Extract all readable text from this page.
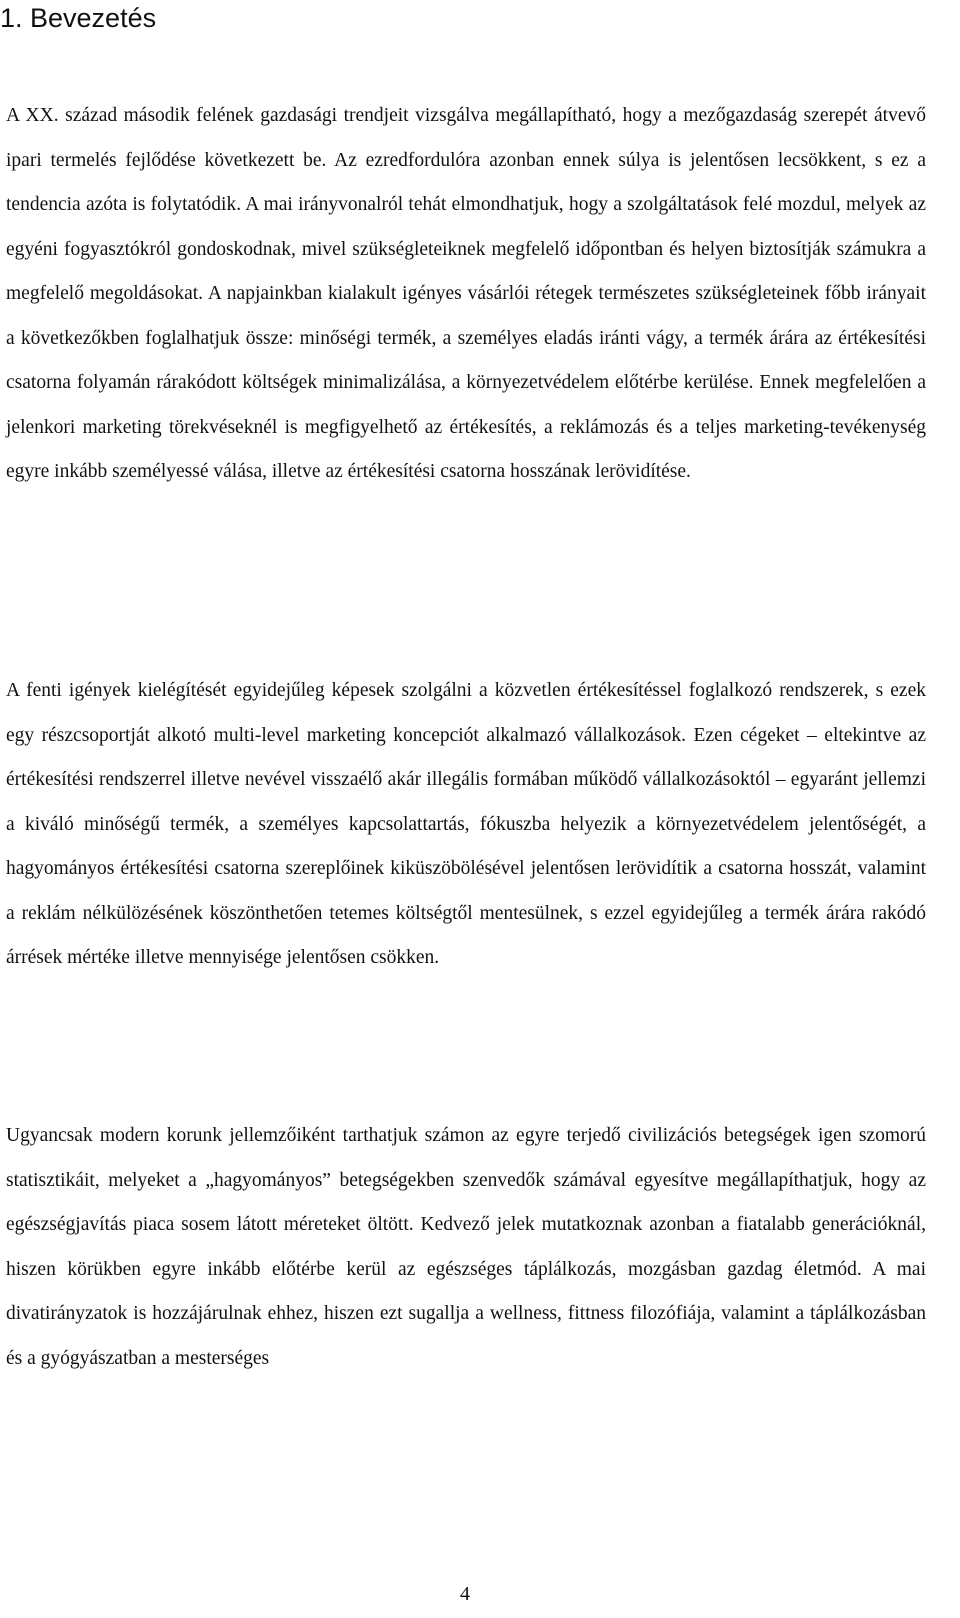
1. Bevezetés

A XX. század második felének gazdasági trendjeit vizsgálva megállapítható, hogy a mezőgazdaság szerepét átvevő ipari termelés fejlődése következett be. Az ezredfordulóra azonban ennek súlya is jelentősen lecsökkent, s ez a tendencia azóta is folytatódik. A mai irányvonalról tehát elmondhatjuk, hogy a szolgáltatások felé mozdul, melyek az egyéni fogyasztókról gondoskodnak, mivel szükségleteiknek megfelelő időpontban és helyen biztosítják számukra a megfelelő megoldásokat. A napjainkban kialakult igényes vásárlói rétegek természetes szükségleteinek főbb irányait a következőkben foglalhatjuk össze: minőségi termék, a személyes eladás iránti vágy, a termék árára az értékesítési csatorna folyamán rárakódott költségek minimalizálása, a környezetvédelem előtérbe kerülése. Ennek megfelelően a jelenkori marketing törekvéseknél is megfigyelhető az értékesítés, a reklámozás és a teljes marketing-tevékenység egyre inkább személyessé válása, illetve az értékesítési csatorna hosszának lerövidítése.

A fenti igények kielégítését egyidejűleg képesek szolgálni a közvetlen értékesítéssel foglalkozó rendszerek, s ezek egy részcsoportját alkotó multi-level marketing koncepciót alkalmazó vállalkozások. Ezen cégeket – eltekintve az értékesítési rendszerrel illetve nevével visszaélő akár illegális formában működő vállalkozásoktól – egyaránt jellemzi a kiváló minőségű termék, a személyes kapcsolattartás, fókuszba helyezik a környezetvédelem jelentőségét, a hagyományos értékesítési csatorna szereplőinek kiküszöbölésével jelentősen lerövidítik a csatorna hosszát, valamint a reklám nélkülözésének köszönthetően tetemes költségtől mentesülnek, s ezzel egyidejűleg a termék árára rakódó árrések mértéke illetve mennyisége jelentősen csökken.

Ugyancsak modern korunk jellemzőiként tarthatjuk számon az egyre terjedő civilizációs betegségek igen szomorú statisztikáit, melyeket a „hagyományos” betegségekben szenvedők számával egyesítve megállapíthatjuk, hogy az egészségjavítás piaca sosem látott méreteket öltött. Kedvező jelek mutatkoznak azonban a fiatalabb generációknál, hiszen körükben egyre inkább előtérbe kerül az egészséges táplálkozás, mozgásban gazdag életmód. A mai divatirányzatok is hozzájárulnak ehhez, hiszen ezt sugallja a wellness, fittness filozófiája, valamint a táplálkozásban és a gyógyászatban a mesterséges

4
